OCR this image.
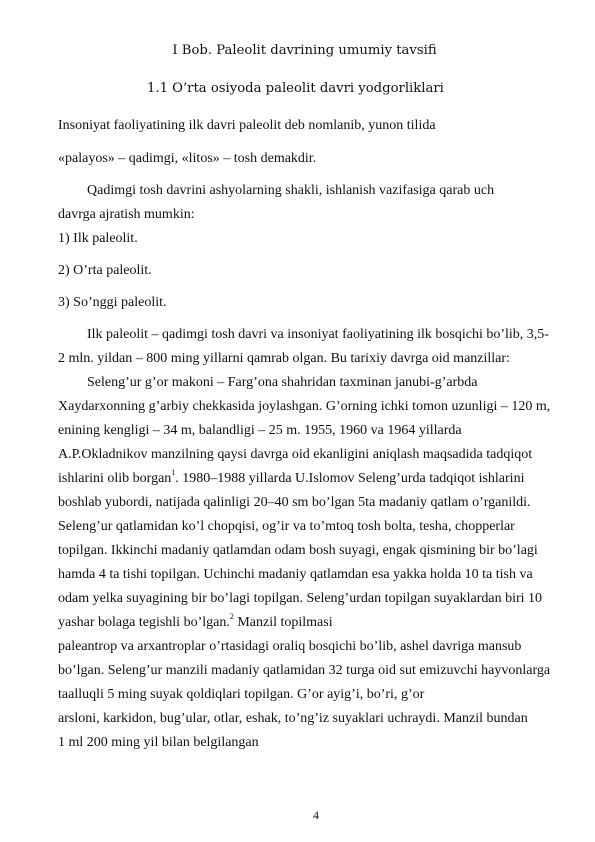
I Bob. Paleolit davrining umumiy tavsifi
1.1 O’rta osiyoda paleolit davri yodgorliklari
Insoniyat faoliyatining ilk davri paleolit deb nomlanib, yunon tilida
«palayos» – qadimgi, «litos» – tosh demakdir.
Qadimgi tosh davrini ashyolarning shakli, ishlanish vazifasiga qarab uch
davrga ajratish mumkin:
1) Ilk paleolit.
2) O’rta paleolit.
3) So’nggi paleolit.
Ilk paleolit – qadimgi tosh davri va insoniyat faoliyatining ilk bosqichi bo’lib, 3,5-
2 mln. yildan – 800 ming yillarni qamrab olgan. Bu tarixiy davrga oid manzillar:
Seleng’ur g’or makoni – Farg’ona shahridan taxminan janubi-g’arbda
Xaydarxonning g’arbiy chekkasida joylashgan. G’orning ichki tomon uzunligi – 120 m,
enining kengligi – 34 m, balandligi – 25 m. 1955, 1960 va 1964 yillarda
A.P.Okladnikov manzilning qaysi davrga oid ekanligini aniqlash maqsadida tadqiqot
ishlarini olib borgan$^1$. 1980–1988 yillarda U.Islomov Seleng’urda tadqiqot ishlarini
boshlab yubordi, natijada qalinligi 20–40 sm bo’lgan 5ta madaniy qatlam o’rganildi.
Seleng’ur qatlamidan ko’l chopqisi, og’ir va to’mtoq tosh bolta, tesha, chopperlar
topilgan. Ikkinchi madaniy qatlamdan odam bosh suyagi, engak qismining bir bo’lagi
hamda 4 ta tishi topilgan. Uchinchi madaniy qatlamdan esa yakka holda 10 ta tish va
odam yelka suyagining bir bo’lagi topilgan. Seleng’urdan topilgan suyaklardan biri 10
yashar bolaga tegishli bo’lgan.$^2$ Manzil topilmasi
paleantrop va arxantroplar o’rtasidagi oraliq bosqichi bo’lib, ashel davriga mansub
bo’lgan. Seleng’ur manzili madaniy qatlamidan 32 turga oid sut emizuvchi hayvonlarga
taalluqli 5 ming suyak qoldiqlari topilgan. G’or ayig’i, bo’ri, g’or
arsloni, karkidon, bug’ular, otlar, eshak, to’ng’iz suyaklari uchraydi. Manzil bundan
1 ml 200 ming yil bilan belgilangan
4
